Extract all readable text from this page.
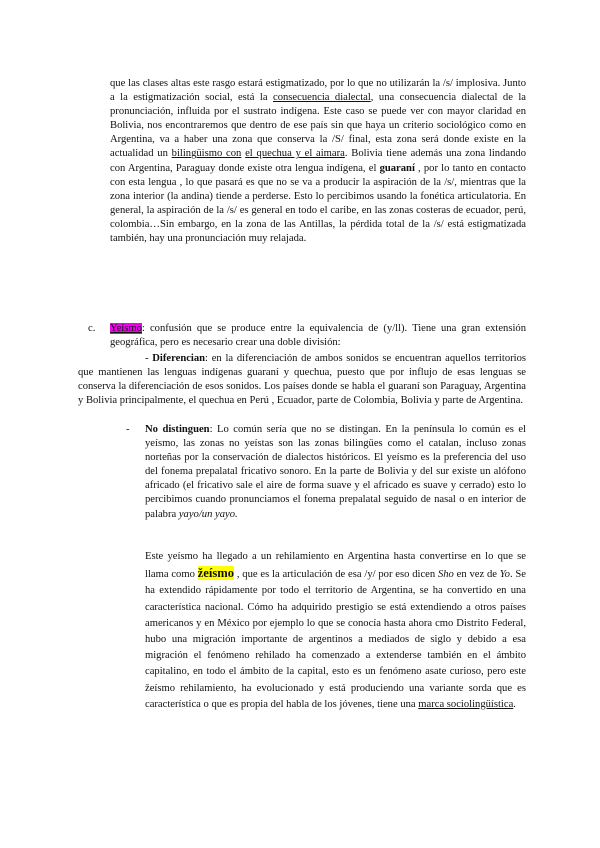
que las clases altas este rasgo estará estigmatizado, por lo que no utilizarán la /s/ implosiva. Junto a la estigmatización social, está la consecuencia dialectal, una consecuencia dialectal de la pronunciación, influida por el sustrato indígena. Este caso se puede ver con mayor claridad en Bolivia, nos encontraremos que dentro de ese país sin que haya un criterio sociológico como en Argentina, va a haber una zona que conserva la /S/ final, esta zona será donde existe en la actualidad un bilingüismo con el quechua y el aimara. Bolivia tiene además una zona lindando con Argentina, Paraguay donde existe otra lengua indígena, el guaraní , por lo tanto en contacto con esta lengua , lo que pasará es que no se va a producir la aspiración de la /s/, mientras que la zona interior (la andina) tiende a perderse. Esto lo percibimos usando la fonética articulatoria. En general, la aspiración de la /s/ es general en todo el caribe, en las zonas costeras de ecuador, perú, colombia…Sin embargo, en la zona de las Antillas, la pérdida total de la /s/ está estigmatizada también, hay una pronunciación muy relajada.
c. Yeísmo: confusión que se produce entre la equivalencia de (y/ll). Tiene una gran extensión geográfica, pero es necesario crear una doble división:
- Diferencian: en la diferenciación de ambos sonidos se encuentran aquellos territorios que mantienen las lenguas indígenas guaraní y quechua, puesto que por influjo de esas lenguas se conserva la diferenciación de esos sonidos. Los países donde se habla el guaraní son Paraguay, Argentina y Bolivia principalmente, el quechua en Perú , Ecuador, parte de Colombia, Bolivia y parte de Argentina.
- No distinguen: Lo común sería que no se distingan. En la península lo común es el yeísmo, las zonas no yeístas son las zonas bilingües como el catalan, incluso zonas norteñas por la conservación de dialectos históricos. El yeísmo es la preferencia del uso del fonema prepalatal fricativo sonoro. En la parte de Bolivia y del sur existe un alófono africado (el fricativo sale el aire de forma suave y el africado es suave y cerrado) esto lo percibimos cuando pronunciamos el fonema prepalatal seguido de nasal o en interior de palabra yayo/un yayo.
Este yeísmo ha llegado a un rehilamiento en Argentina hasta convertirse en lo que se llama como žeísmo , que es la articulación de esa /y/ por eso dicen Sho en vez de Yo. Se ha extendido rápidamente por todo el territorio de Argentina, se ha convertido en una característica nacional. Cómo ha adquirido prestigio se está extendiendo a otros países americanos y en México por ejemplo lo que se conocía hasta ahora cmo Distrito Federal, hubo una migración importante de argentinos a mediados de siglo y debido a esa migración el fenómeno rehilado ha comenzado a extenderse también en el ámbito capitalino, en todo el ámbito de la capital, esto es un fenómeno asate curioso, pero este žeísmo rehilamiento, ha evolucionado y está produciendo una variante sorda que es característica o que es propia del habla de los jóvenes, tiene una marca sociolingüística.
